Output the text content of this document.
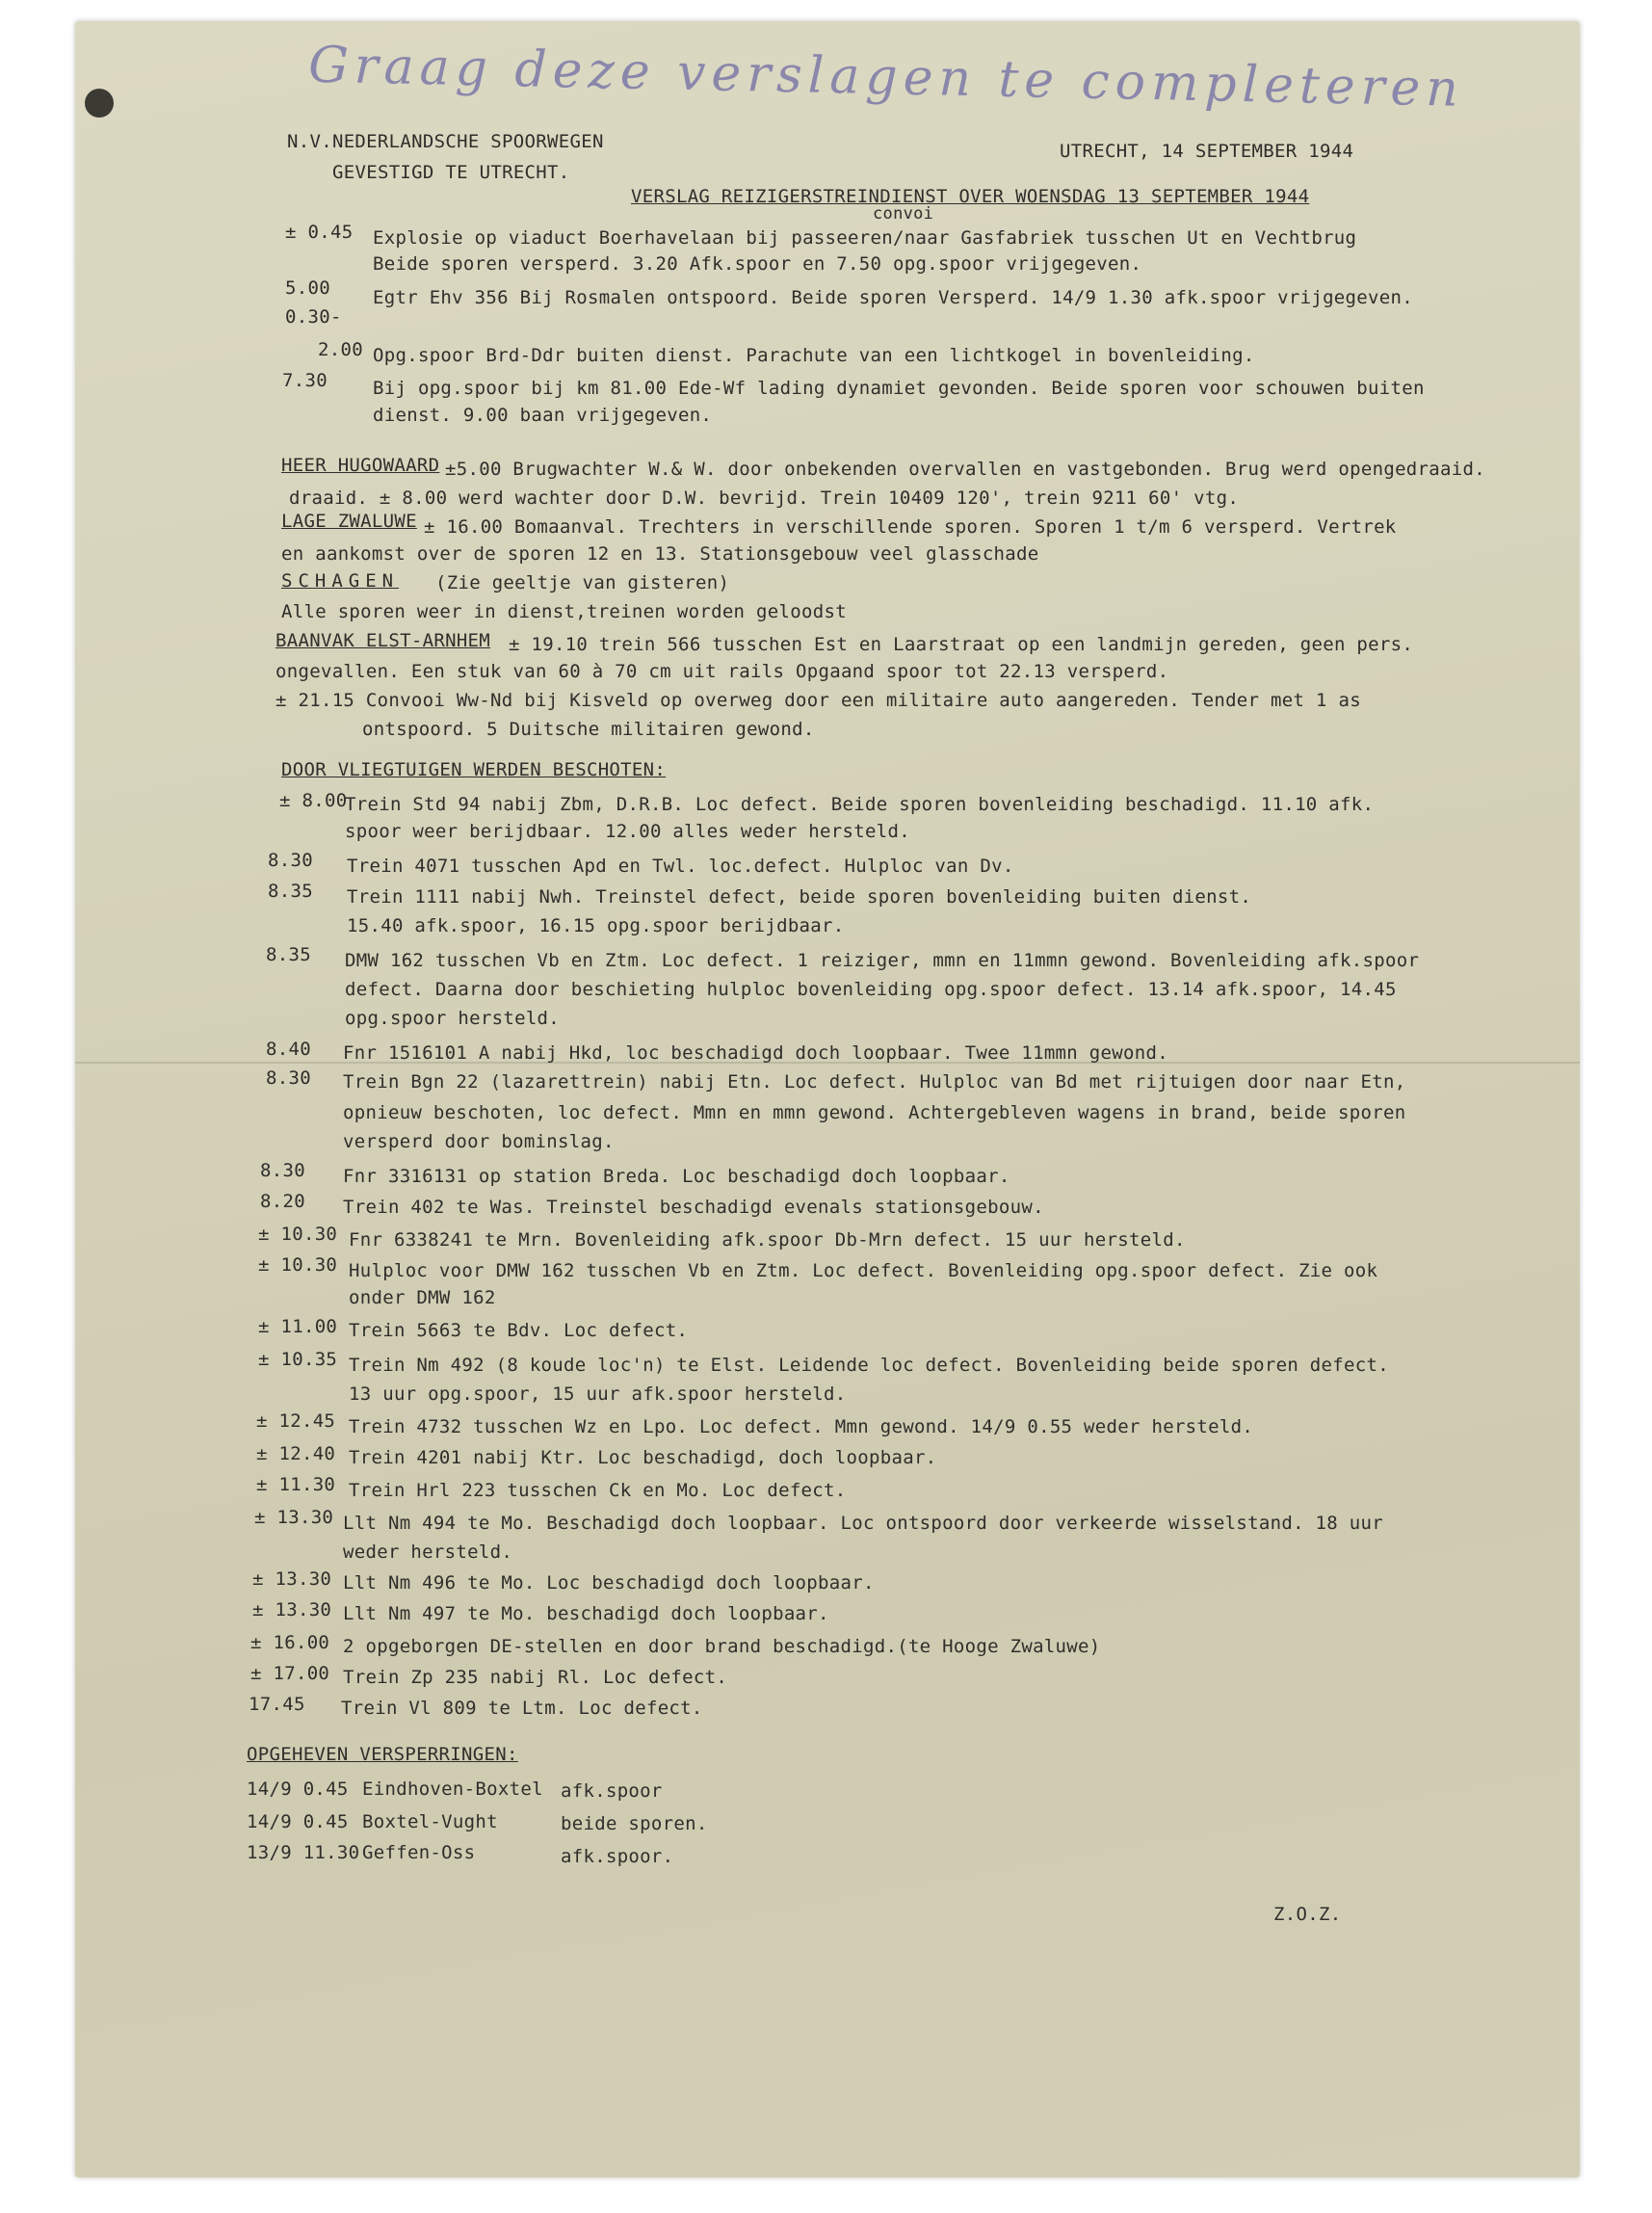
Graag deze verslagen te completeren
N.V.NEDERLANDSCHE SPOORWEGEN
GEVESTIGD TE UTRECHT.
UTRECHT, 14 SEPTEMBER 1944
VERSLAG REIZIGERSTREINDIENST OVER WOENSDAG 13 SEPTEMBER 1944
convoi
± 0.45 Explosie op viaduct Boerhavelaan bij passeeren/naar Gasfabriek tusschen Ut en Vechtbrug
Beide sporen versperd. 3.20 Afk.spoor en 7.50 opg.spoor vrijgegeven.
5.00 Egtr Ehv 356 Bij Rosmalen ontspoord. Beide sporen Versperd. 14/9 1.30 afk.spoor vrijgegeven.
0.30-
2.00 Opg.spoor Brd-Ddr buiten dienst. Parachute van een lichtkogel in bovenleiding.
7.30 Bij opg.spoor bij km 81.00 Ede-Wf lading dynamiet gevonden. Beide sporen voor schouwen buiten
dienst. 9.00 baan vrijgegeven.
HEER HUGOWAARD ±5.00 Brugwachter W.& W. door onbekenden overvallen en vastgebonden. Brug werd opengedraaid.
draaid. ± 8.00 werd wachter door D.W. bevrijd. Trein 10409 120', trein 9211 60' vtg.
LAGE ZWALUWE ± 16.00 Bomaanval. Trechters in verschillende sporen. Sporen 1 t/m 6 versperd. Vertrek
en aankomst over de sporen 12 en 13. Stationsgebouw veel glasschade
SCHAGEN (Zie geeltje van gisteren)
Alle sporen weer in dienst,treinen worden geloodst
BAANVAK ELST-ARNHEM ± 19.10 trein 566 tusschen Est en Laarstraat op een landmijn gereden, geen pers.
ongevallen. Een stuk van 60 à 70 cm uit rails Opgaand spoor tot 22.13 versperd.
± 21.15 Convooi Ww-Nd bij Kisveld op overweg door een militaire auto aangereden. Tender met 1 as
ontspoord. 5 Duitsche militairen gewond.
DOOR VLIEGTUIGEN WERDEN BESCHOTEN:
± 8.00
Trein Std 94 nabij Zbm, D.R.B. Loc defect. Beide sporen bovenleiding beschadigd. 11.10 afk.
spoor weer berijdbaar. 12.00 alles weder hersteld.
8.30 Trein 4071 tusschen Apd en Twl. loc.defect. Hulploc van Dv.
8.35 Trein 1111 nabij Nwh. Treinstel defect, beide sporen bovenleiding buiten dienst.
15.40 afk.spoor, 16.15 opg.spoor berijdbaar.
8.35 DMW 162 tusschen Vb en Ztm. Loc defect. 1 reiziger, mmn en 11mmn gewond. Bovenleiding afk.spoor
defect. Daarna door beschieting hulploc bovenleiding opg.spoor defect. 13.14 afk.spoor, 14.45
opg.spoor hersteld.
8.40 Fnr 1516101 A nabij Hkd, loc beschadigd doch loopbaar. Twee 11mmn gewond.
8.30 Trein Bgn 22 (lazarettrein) nabij Etn. Loc defect. Hulploc van Bd met rijtuigen door naar Etn,
opnieuw beschoten, loc defect. Mmn en mmn gewond. Achtergebleven wagens in brand, beide sporen
versperd door bominslag.
8.30 Fnr 3316131 op station Breda. Loc beschadigd doch loopbaar.
8.20 Trein 402 te Was. Treinstel beschadigd evenals stationsgebouw.
± 10.30 Fnr 6338241 te Mrn. Bovenleiding afk.spoor Db-Mrn defect. 15 uur hersteld.
± 10.30 Hulploc voor DMW 162 tusschen Vb en Ztm. Loc defect. Bovenleiding opg.spoor defect. Zie ook
onder DMW 162
± 11.00 Trein 5663 te Bdv. Loc defect.
± 10.35 Trein Nm 492 (8 koude loc'n) te Elst. Leidende loc defect. Bovenleiding beide sporen defect.
13 uur opg.spoor, 15 uur afk.spoor hersteld.
± 12.45 Trein 4732 tusschen Wz en Lpo. Loc defect. Mmn gewond. 14/9 0.55 weder hersteld.
± 12.40 Trein 4201 nabij Ktr. Loc beschadigd, doch loopbaar.
± 11.30 Trein Hrl 223 tusschen Ck en Mo. Loc defect.
± 13.30 Llt Nm 494 te Mo. Beschadigd doch loopbaar. Loc ontspoord door verkeerde wisselstand. 18 uur
weder hersteld.
± 13.30 Llt Nm 496 te Mo. Loc beschadigd doch loopbaar.
± 13.30 Llt Nm 497 te Mo. beschadigd doch loopbaar.
± 16.00 2 opgeborgen DE-stellen en door brand beschadigd.(te Hooge Zwaluwe)
± 17.00 Trein Zp 235 nabij Rl. Loc defect.
17.45 Trein Vl 809 te Ltm. Loc defect.
OPGEHEVEN VERSPERRINGEN:
14/9 0.45 Eindhoven-Boxtel afk.spoor
14/9 0.45 Boxtel-Vught	beide sporen.
13/9 11.30 Geffen-Oss	afk.spoor.
Z.O.Z.
